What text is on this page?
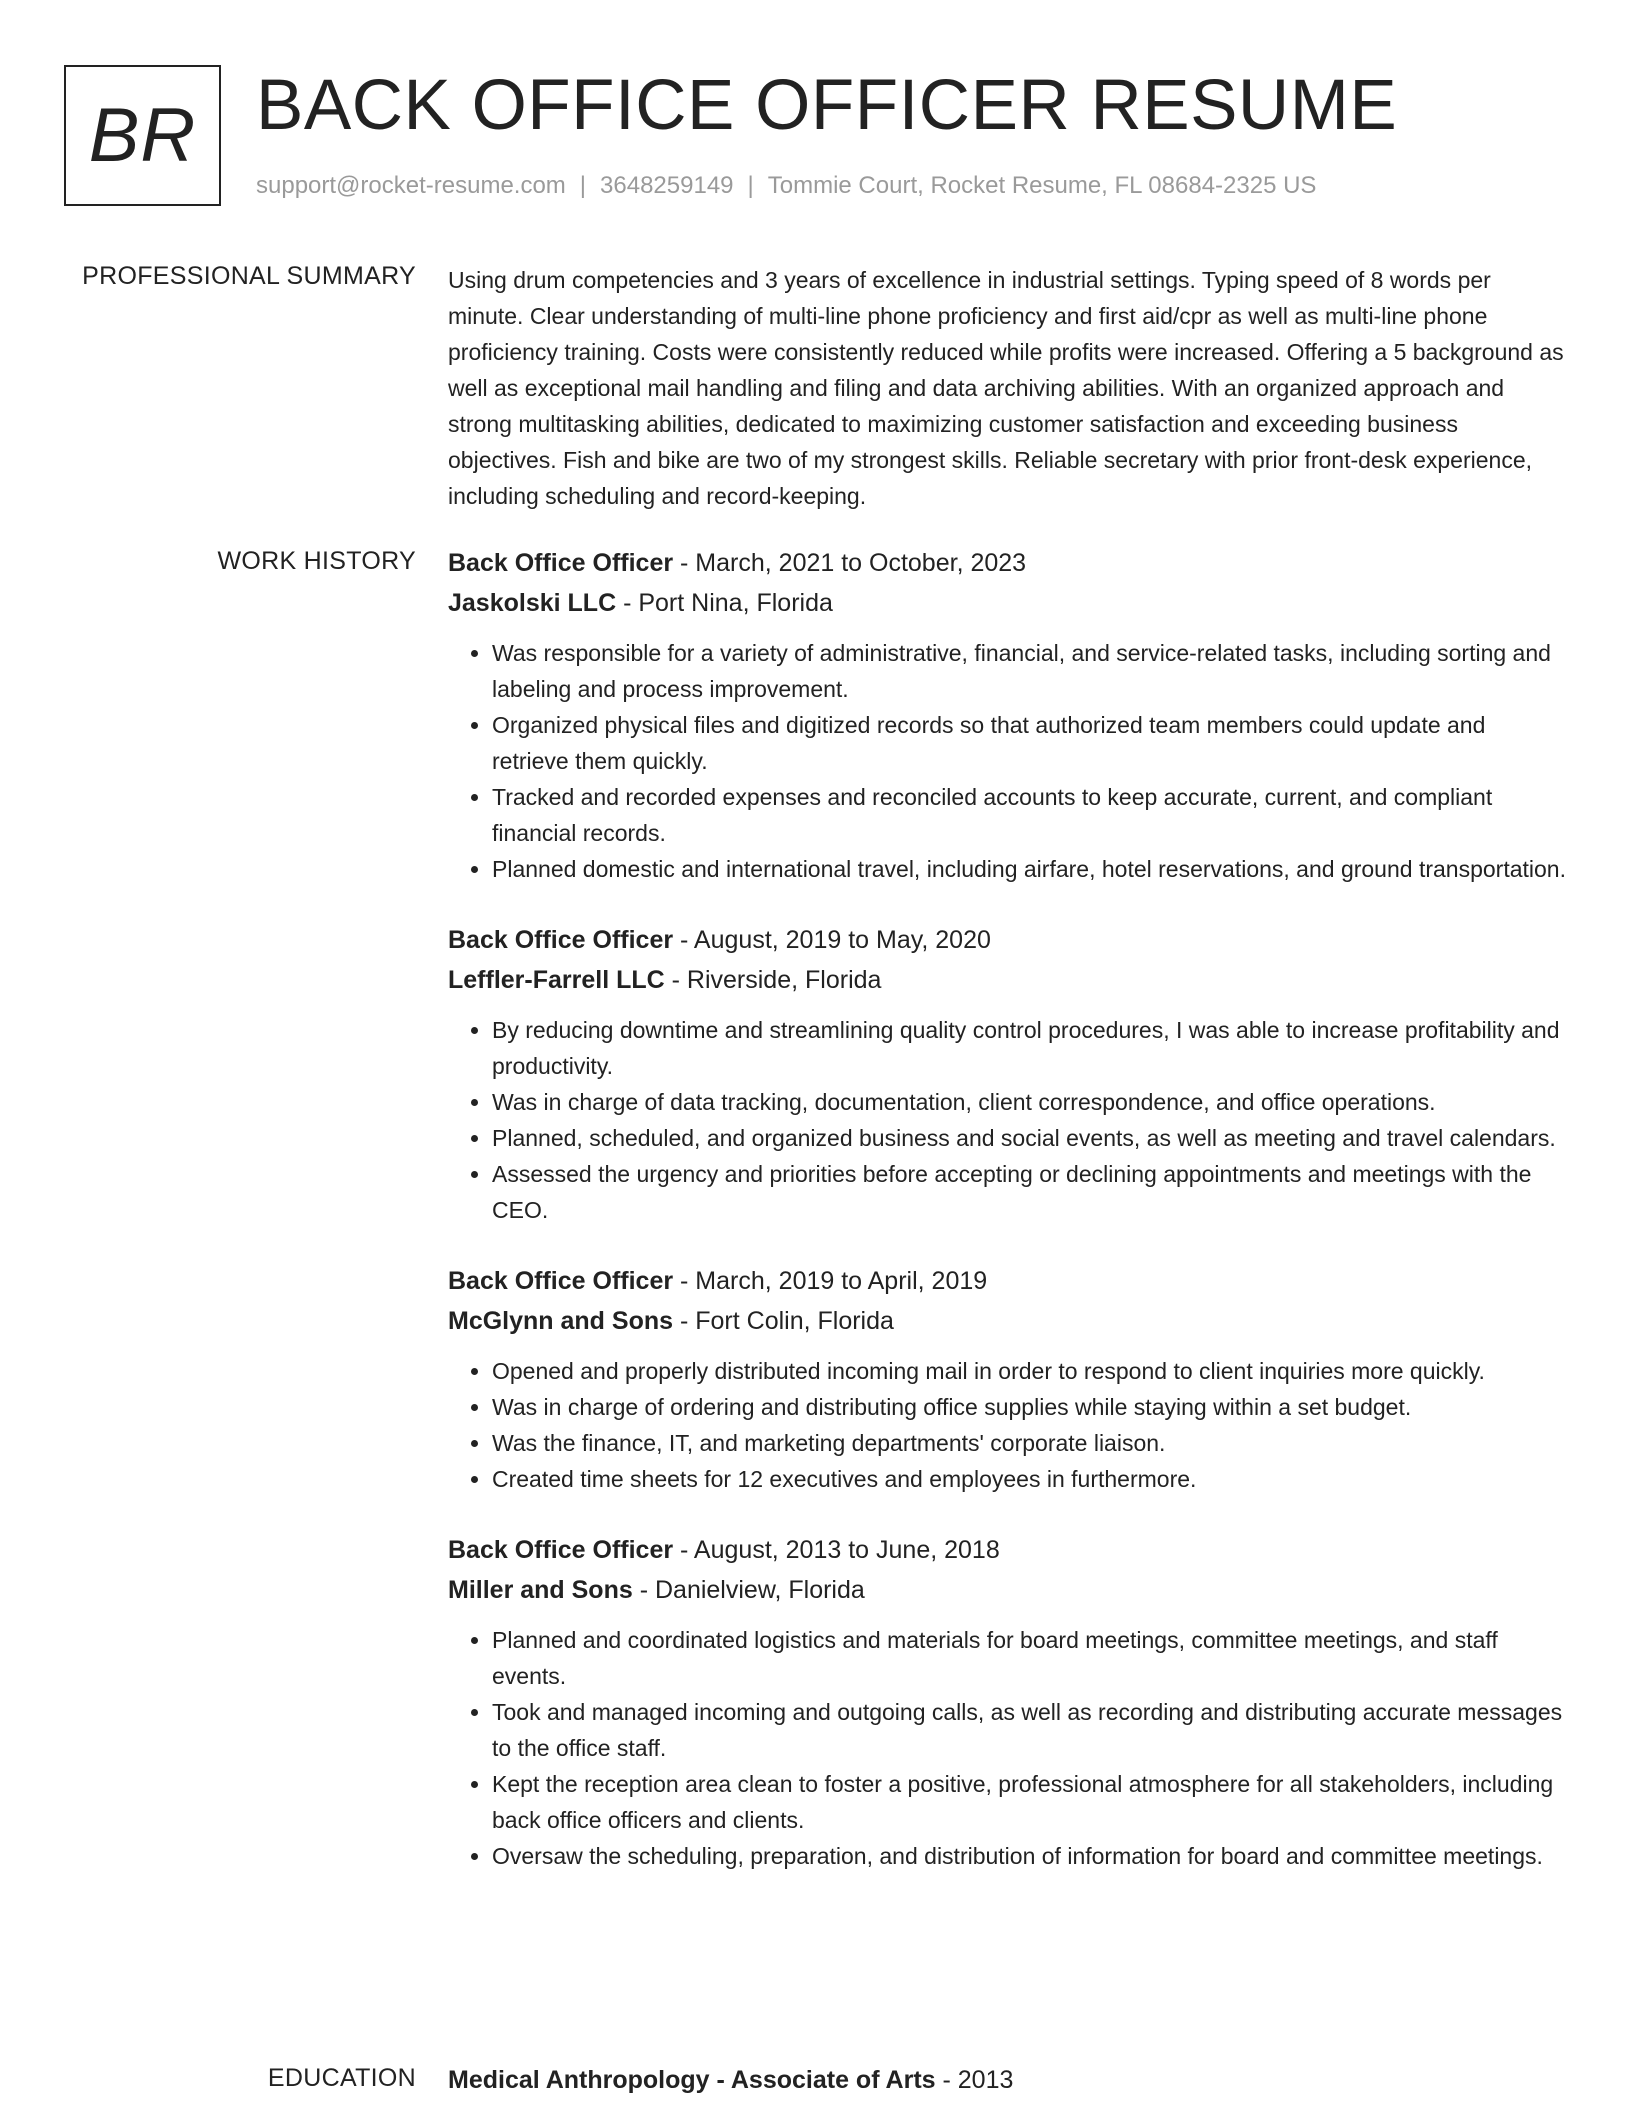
BR BACK OFFICE OFFICER RESUME
support@rocket-resume.com | 3648259149 | Tommie Court, Rocket Resume, FL 08684-2325 US
PROFESSIONAL SUMMARY Using drum competencies and 3 years of excellence in industrial settings. Typing speed of 8 words per minute. Clear understanding of multi-line phone proficiency and first aid/cpr as well as multi-line phone proficiency training. Costs were consistently reduced while profits were increased. Offering a 5 background as well as exceptional mail handling and filing and data archiving abilities. With an organized approach and strong multitasking abilities, dedicated to maximizing customer satisfaction and exceeding business objectives. Fish and bike are two of my strongest skills. Reliable secretary with prior front-desk experience, including scheduling and record-keeping.

WORK HISTORY Back Office Officer - March, 2021 to October, 2023
Jaskolski LLC - Port Nina, Florida
• Was responsible for a variety of administrative, financial, and service-related tasks, including sorting and labeling and process improvement.
• Organized physical files and digitized records so that authorized team members could update and retrieve them quickly.
• Tracked and recorded expenses and reconciled accounts to keep accurate, current, and compliant financial records.
• Planned domestic and international travel, including airfare, hotel reservations, and ground transportation.
Back Office Officer - August, 2019 to May, 2020
Leffler-Farrell LLC - Riverside, Florida
• By reducing downtime and streamlining quality control procedures, I was able to increase profitability and productivity.
• Was in charge of data tracking, documentation, client correspondence, and office operations.
• Planned, scheduled, and organized business and social events, as well as meeting and travel calendars.
• Assessed the urgency and priorities before accepting or declining appointments and meetings with the CEO.
Back Office Officer - March, 2019 to April, 2019
McGlynn and Sons - Fort Colin, Florida
• Opened and properly distributed incoming mail in order to respond to client inquiries more quickly.
• Was in charge of ordering and distributing office supplies while staying within a set budget.
• Was the finance, IT, and marketing departments' corporate liaison.
• Created time sheets for 12 executives and employees in furthermore.
Back Office Officer - August, 2013 to June, 2018
Miller and Sons - Danielview, Florida
• Planned and coordinated logistics and materials for board meetings, committee meetings, and staff events.
• Took and managed incoming and outgoing calls, as well as recording and distributing accurate messages to the office staff.
• Kept the reception area clean to foster a positive, professional atmosphere for all stakeholders, including back office officers and clients.
• Oversaw the scheduling, preparation, and distribution of information for board and committee meetings.
EDUCATION Medical Anthropology - Associate of Arts - 2013
